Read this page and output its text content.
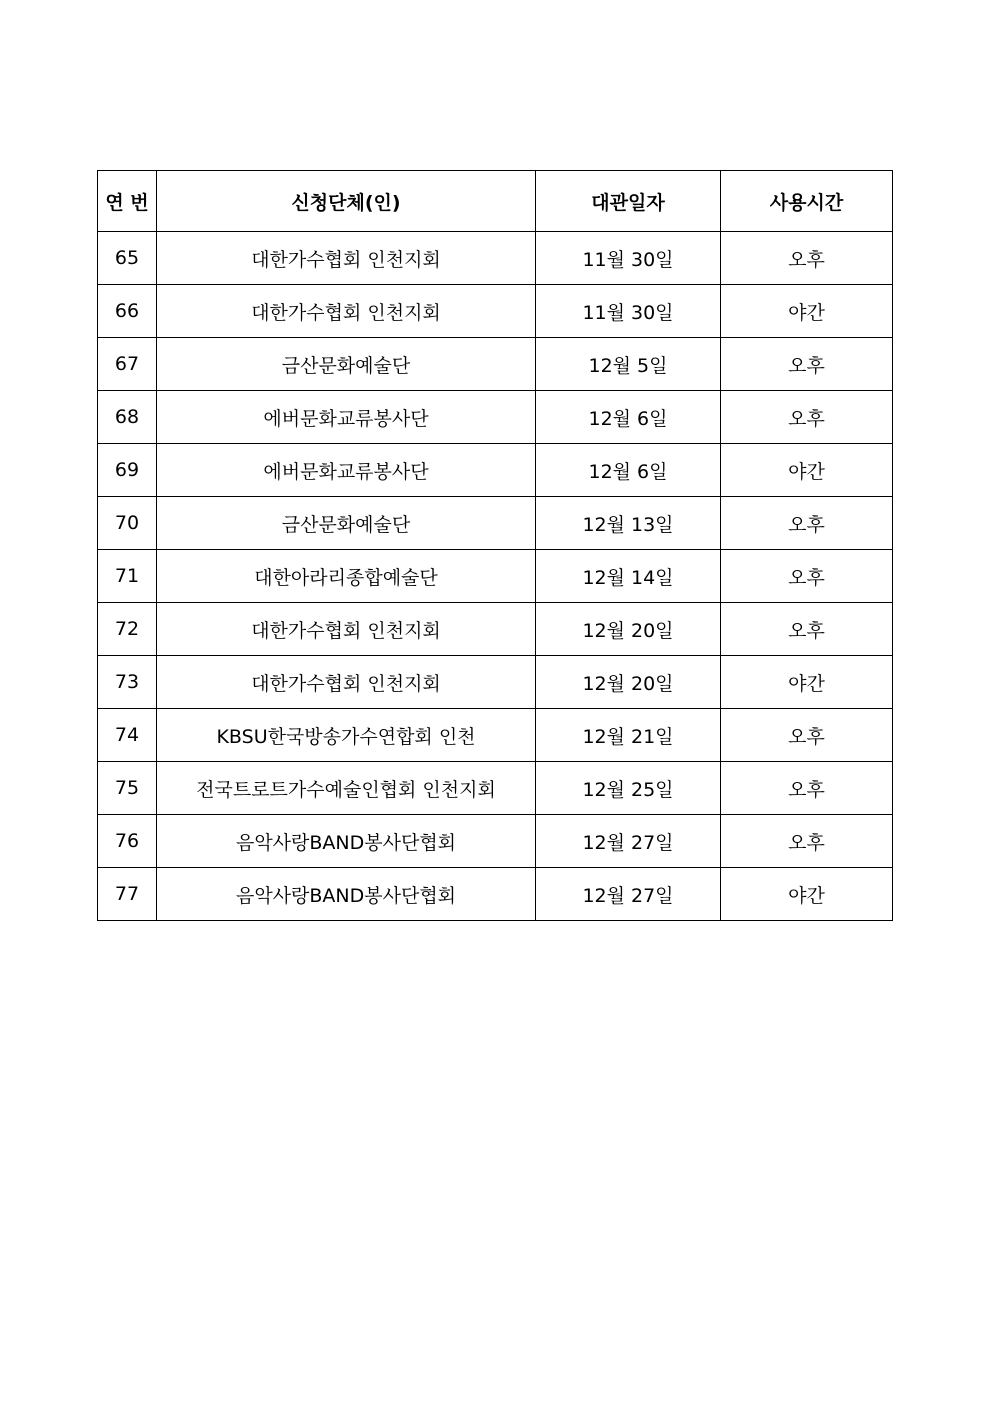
연 번	신청단체(인)	대관일자	사용시간
65	대한가수협회 인천지회	11월 30일	오후
66	대한가수협회 인천지회	11월 30일	야간
67	금산문화예술단	12월 5일	오후
68	에버문화교류봉사단	12월 6일	오후
69	에버문화교류봉사단	12월 6일	야간
70	금산문화예술단	12월 13일	오후
71	대한아라리종합예술단	12월 14일	오후
72	대한가수협회 인천지회	12월 20일	오후
73	대한가수협회 인천지회	12월 20일	야간
74	KBSU한국방송가수연합회 인천	12월 21일	오후
75	전국트로트가수예술인협회 인천지회	12월 25일	오후
76	음악사랑BAND봉사단협회	12월 27일	오후
77	음악사랑BAND봉사단협회	12월 27일	야간
